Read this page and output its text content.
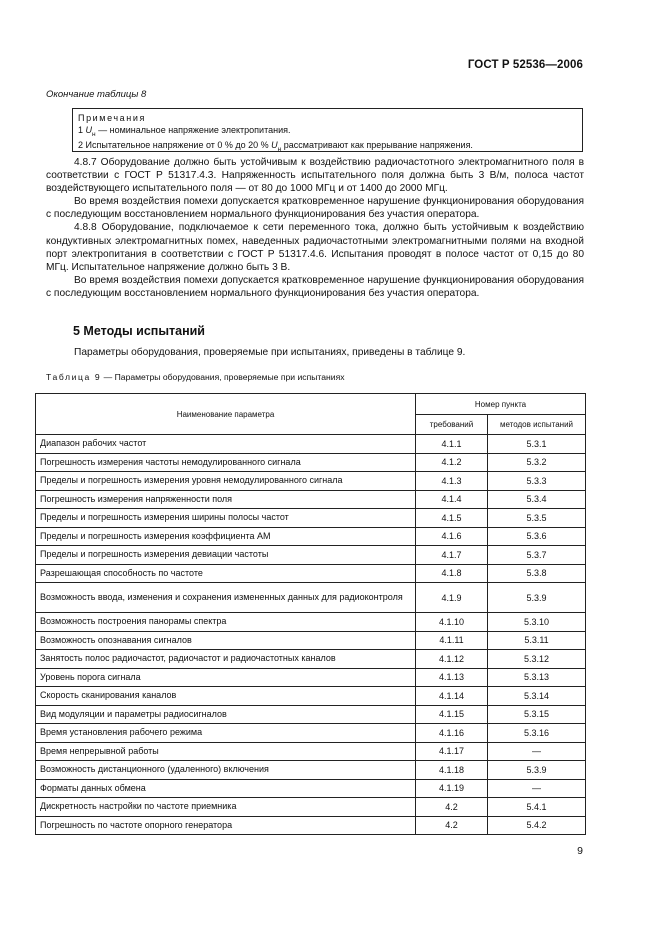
ГОСТ Р 52536—2006
Окончание таблицы 8
Примечания
1 $U_н$ — номинальное напряжение электропитания.
2 Испытательное напряжение от 0 % до 20 % $U_н$ рассматривают как прерывание напряжения.

4.8.7 Оборудование должно быть устойчивым к воздействию радиочастотного электромагнитного поля в соответствии с ГОСТ Р 51317.4.3. Напряженность испытательного поля должна быть 3 В/м, полоса частот воздействующего испытательного поля — от 80 до 1000 МГц и от 1400 до 2000 МГц.

Во время воздействия помехи допускается кратковременное нарушение функционирования оборудования с последующим восстановлением нормального функционирования без участия оператора.

4.8.8 Оборудование, подключаемое к сети переменного тока, должно быть устойчивым к воздействию кондуктивных электромагнитных помех, наведенных радиочастотными электромагнитными полями на входной порт электропитания в соответствии с ГОСТ Р 51317.4.6. Испытания проводят в полосе частот от 0,15 до 80 МГц. Испытательное напряжение должно быть 3 В.

Во время воздействия помехи допускается кратковременное нарушение функционирования оборудования с последующим восстановлением нормального функционирования без участия оператора.

5 Методы испытаний
Параметры оборудования, проверяемые при испытаниях, приведены в таблице 9.
Таблица 9 — Параметры оборудования, проверяемые при испытаниях
Наименование параметра	Номер пункта	
	требований	методов испытаний
Диапазон рабочих частот	4.1.1	5.3.1
Погрешность измерения частоты немодулированного сигнала	4.1.2	5.3.2
Пределы и погрешность измерения уровня немодулированного сигнала	4.1.3	5.3.3
Погрешность измерения напряженности поля	4.1.4	5.3.4
Пределы и погрешность измерения ширины полосы частот	4.1.5	5.3.5
Пределы и погрешность измерения коэффициента АМ	4.1.6	5.3.6
Пределы и погрешность измерения девиации частоты	4.1.7	5.3.7
Разрешающая способность по частоте	4.1.8	5.3.8
Возможность ввода, изменения и сохранения измененных данных для радиоконтроля	4.1.9	5.3.9
Возможность построения панорамы спектра	4.1.10	5.3.10
Возможность опознавания сигналов	4.1.11	5.3.11
Занятость полос радиочастот, радиочастот и радиочастотных каналов	4.1.12	5.3.12
Уровень порога сигнала	4.1.13	5.3.13
Скорость сканирования каналов	4.1.14	5.3.14
Вид модуляции и параметры радиосигналов	4.1.15	5.3.15
Время установления рабочего режима	4.1.16	5.3.16
Время непрерывной работы	4.1.17	—
Возможность дистанционного (удаленного) включения	4.1.18	5.3.9
Форматы данных обмена	4.1.19	—
Дискретность настройки по частоте приемника	4.2	5.4.1
Погрешность по частоте опорного генератора	4.2	5.4.2
9
